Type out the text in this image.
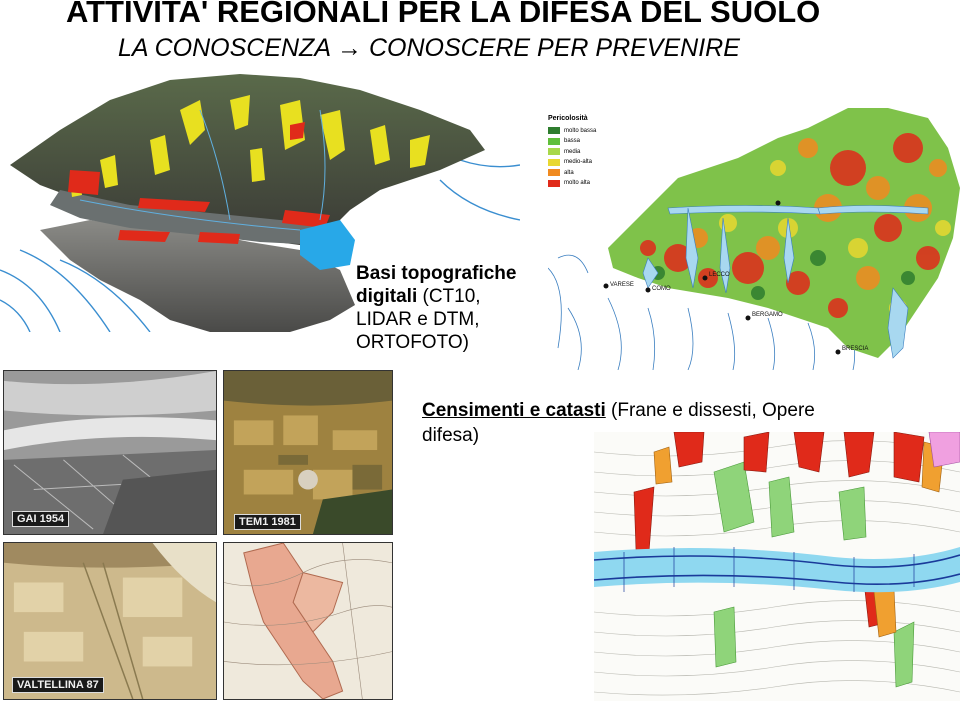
ATTIVITA' REGIONALI PER LA DIFESA DEL SUOLO
LA CONOSCENZA → CONOSCERE PER PREVENIRE
Basi topografiche
digitali (CT10,
LIDAR e DTM,
ORTOFOTO)
VARESE
COMO
LECCO
BERGAMO
BRESCIA
Pericolosità
molto bassa
bassa
media
medio-alta
alta
molto alta
GAI 1954	TEM1 1981
VALTELLINA 87
Censimenti e catasti (Frane e dissesti, Opere difesa)
